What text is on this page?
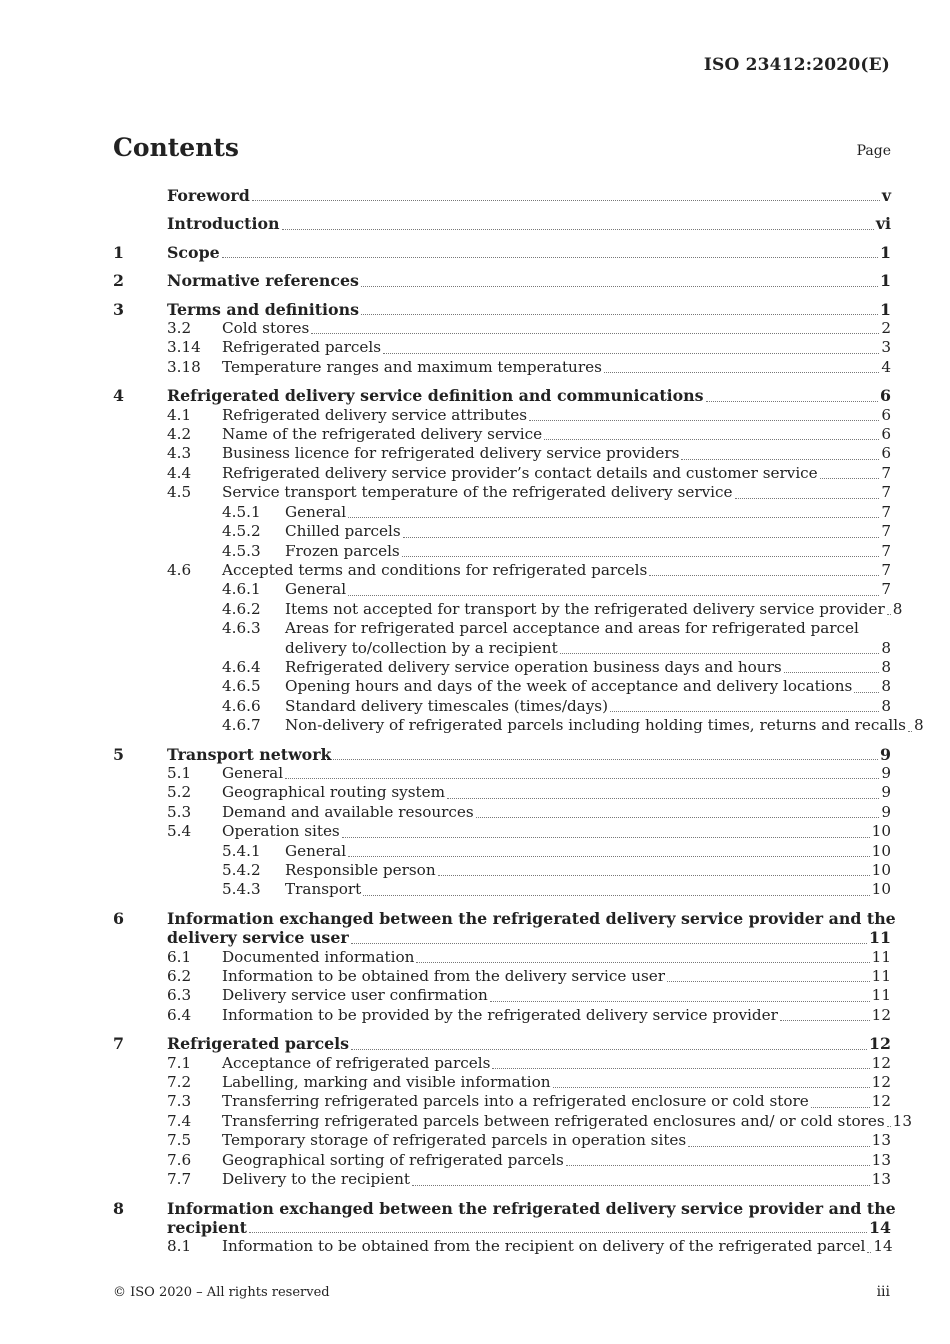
ISO 23412:2020(E)
Contents	Page
Foreword	v
Introduction	vi
1	Scope	1
2	Normative references	1
3	Terms and definitions	1
3.2	Cold stores	2
3.14	Refrigerated parcels	3
3.18	Temperature ranges and maximum temperatures	4
4	Refrigerated delivery service definition and communications	6
4.1	Refrigerated delivery service attributes	6
4.2	Name of the refrigerated delivery service	6
4.3	Business licence for refrigerated delivery service providers	6
4.4	Refrigerated delivery service provider’s contact details and customer service	7
4.5	Service transport temperature of the refrigerated delivery service	7
4.5.1	General	7
4.5.2	Chilled parcels	7
4.5.3	Frozen parcels	7
4.6	Accepted terms and conditions for refrigerated parcels	7
4.6.1	General	7
4.6.2	Items not accepted for transport by the refrigerated delivery service provider 8
4.6.3	Areas for refrigerated parcel acceptance and areas for refrigerated parcel
delivery to/collection by a recipient	8
4.6.4	Refrigerated delivery service operation business days and hours	8
4.6.5	Opening hours and days of the week of acceptance and delivery locations 8
4.6.6	Standard delivery timescales (times/days)	8
4.6.7	Non-delivery of refrigerated parcels including holding times, returns and recalls 8
5	Transport network	9
5.1	General	9
5.2	Geographical routing system	9
5.3	Demand and available resources	9
5.4	Operation sites	10
5.4.1	General	10
5.4.2	Responsible person	10
5.4.3	Transport	10
6	Information exchanged between the refrigerated delivery service provider and the
delivery service user	11
6.1	Documented information	11
6.2	Information to be obtained from the delivery service user	11
6.3	Delivery service user confirmation	11
6.4	Information to be provided by the refrigerated delivery service provider	12
7	Refrigerated parcels	12
7.1	Acceptance of refrigerated parcels	12
7.2	Labelling, marking and visible information	12
7.3	Transferring refrigerated parcels into a refrigerated enclosure or cold store	12
7.4	Transferring refrigerated parcels between refrigerated enclosures and/ or cold stores 13
7.5	Temporary storage of refrigerated parcels in operation sites	13
7.6	Geographical sorting of refrigerated parcels	13
7.7	Delivery to the recipient	13
8	Information exchanged between the refrigerated delivery service provider and the
recipient	14
8.1	Information to be obtained from the recipient on delivery of the refrigerated parcel 14
© ISO 2020 – All rights reserved	iii
